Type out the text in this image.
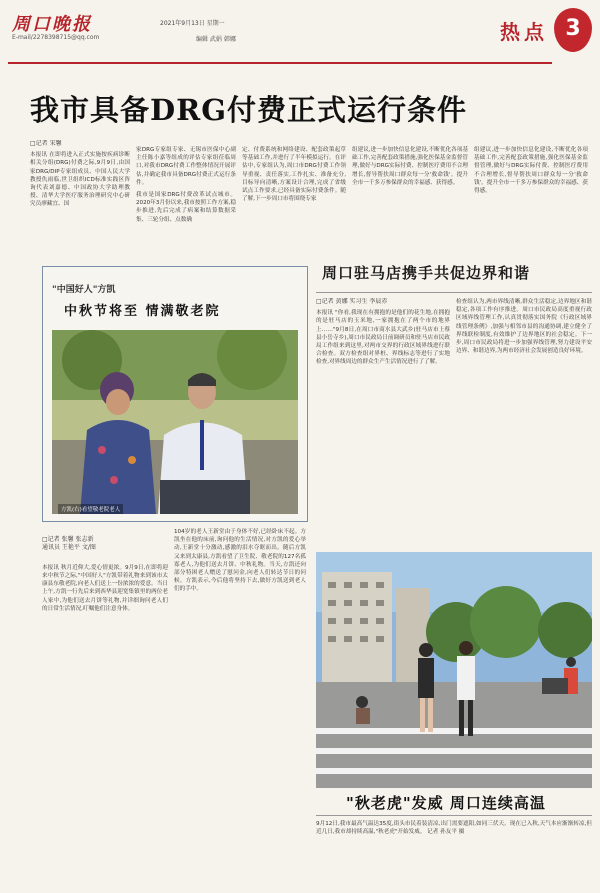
周口晚报
E-mail/2278398715@qq.com
2021年9月13日 星期一
编辑 武娟 韩娜	热点 3
我市具备DRG付费正式运行条件
□记者 宋馨
本报讯 在即将进入正式实施按疾病诊断相关分组(DRG)付费之际,9月9日,由国家DRG/DIP专家组成员、中国人民大学教授仇雨临,世卫组织ICD标准实践区咨询代表刘嘉德、中国政协大学助理教授、清华大学医疗服务治理研究中心研究员廖藏宜、国
家DRG专家组专家、无锡市医保中心副主任陈小嘉等组成的评估专家组莅临周口,对我市DRG付费工作整体情况开展评估,并确定我市具备DRG付费正式运行条件。
我市是国家DRG付费改革试点城市。2020年3月份以来,我市按照工作方案,稳步推进,先后完成了病案和结算数据采集、三轮分组、点数确
定、付费系统和网络建设、配套政策起草等基础工作,并进行了半年模拟运行。在评估中,专家组认为,周口市DRG付费工作领导重视、责任落实,工作扎实、准备充分,目标导向清晰,方案设计合理,完成了省级试点工作要求,已经具备实际付费条件。随了解,下一步周口市将围绕专家
组建议,进一步加快信息化建设,不断优化各项基础工作,完善配套政策措施,强化医保基金监督管理,做好与DRG实际付费、控制医疗费用不合理增长,督导帮扶周口群众每一分'救命钱'。提升全市一千多万参保群众的幸福感、获得感。
组建议,进一步加快信息化建设,不断优化各项基础工作,完善配套政策措施,强化医保基金监督管理,做好与DRG实际付费、控制医疗费用不合理增长,督导帮扶周口群众每一分'救命钱'。提升全市一千多万参保群众的幸福感、获得感。
"中国好人"方凯
中秋节将至 情满敬老院
方凯(右)看望敬老院老人

□记者 张馨 张志新
通讯员 王艳平 文/图

本报讯 秋月近仰大,爱心情更浓。9月9日,在即将迎来中秋节之际,"中国好人"方凯带着礼物来到该市太康县东敬老院,向老人们送上一份浓浓的爱意。当日上午,方凯一行先后来到西华县迎宽集镇里的两位老人家中,为他们送去月饼等礼物,并详细询问老人们的日常生活情况,叮嘱他们注意身体。

104岁的老人王新堂由于身体不好,已经卧床不起。方凯坐在他的床前,询问他的生活情况,对方凯的爱心举动,王新堂十分激动,感激的泪水夺眶而出。随后方凯又来到太康县,方凯看望了卫生院、敬老院的127名孤寡老人,为他们送去月饼、中秋礼物。当天,方凯还向部分特困老人赠送了慰问金,向老人们转达节日的问候。方凯表示,今后他将坚持下去,做好方凯送到老人们的手中。
周口驻马店携手共促边界和谐
□记者 黄娜 实习生 李晨赤
本报讯 "你看,我现在有拥抱的是他们的花生地,在拥抱的是驻马店的玉米地,一家拥抱在了两个市的地界上……"9月8日,在周口市商水县大武乡(驻马店市上蔡县小岳寺乡),周口市民政局日前调研员和驻马店市民政局工作组来到这里,对两市交界的行政区域界线进行联合检查。双方检查组对界桩、界线标志等进行了实地检查,对界线周边的群众生产生活情况进行了了解。
检查组认为,两市界线清晰,群众生活稳定,边界地区和谐稳定,各项工作有序推进。周口市民政局高度重视行政区域界线管理工作,认真贯彻落实国务院《行政区域界线管理条例》,加强与相邻市县的沟通协调,建立健全了界线联检制度,有效维护了边界地区的社会稳定。下一步,周口市民政局将进一步加强界线管理,努力建设平安边界、和谐边界,为两市经济社会发展创造良好环境。
"秋老虎"发威 周口连续高温
9月12日,我市最高气温达35度,街头市民着装清凉,出门需要遮阳,如同三伏天。现在已入秋,天气本应渐渐转凉,但近几日,我市却持续高温,"秋老虎"开始发威。 记者 孙友平 摄
